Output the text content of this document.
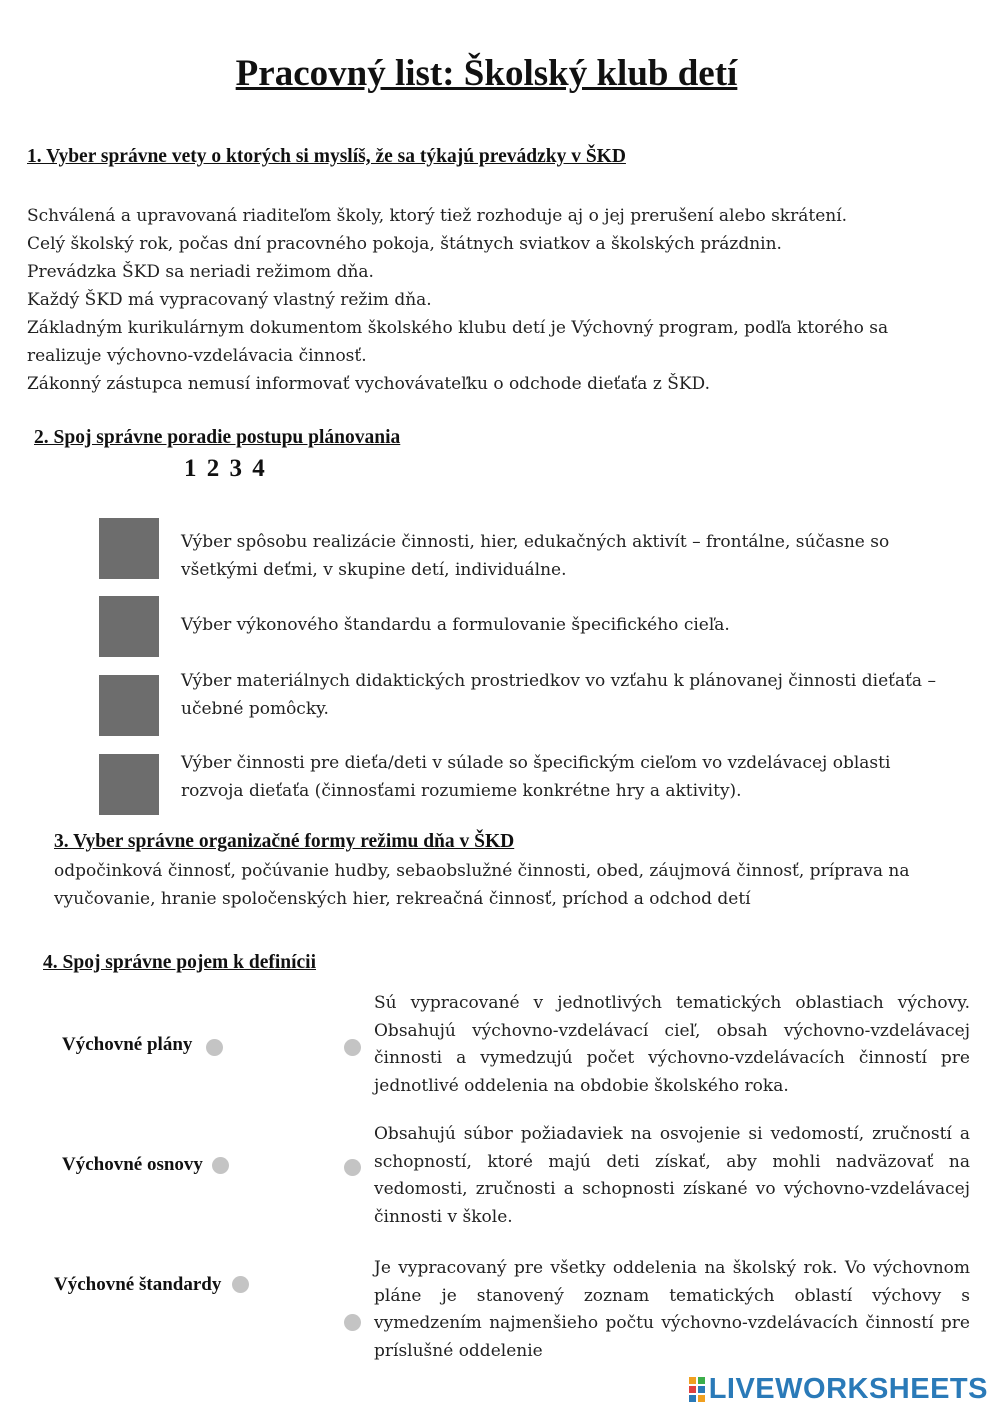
Pracovný list: Školský klub detí
1. Vyber správne vety o ktorých si myslíš, že sa týkajú prevádzky v ŠKD
Schválená a upravovaná riaditeľom školy, ktorý tiež rozhoduje aj o jej prerušení alebo skrátení.
Celý školský rok, počas dní pracovného pokoja, štátnych sviatkov a školských prázdnin.
Prevádzka ŠKD sa neriadi režimom dňa.
Každý ŠKD má vypracovaný vlastný režim dňa.
Základným kurikulárnym dokumentom školského klubu detí je Výchovný program, podľa ktorého sa
realizuje výchovno-vzdelávacia činnosť.
Zákonný zástupca nemusí informovať vychovávateľku o odchode dieťaťa z ŠKD.
2. Spoj správne poradie postupu plánovania
1 2 3 4
Výber spôsobu realizácie činnosti, hier, edukačných aktivít – frontálne, súčasne so všetkými deťmi, v skupine detí, individuálne.
Výber výkonového štandardu a formulovanie špecifického cieľa.
Výber materiálnych didaktických prostriedkov vo vzťahu k plánovanej činnosti dieťaťa – učebné pomôcky.
Výber činnosti pre dieťa/deti v súlade so špecifickým cieľom vo vzdelávacej oblasti rozvoja dieťaťa (činnosťami rozumieme konkrétne hry a aktivity).
3. Vyber správne organizačné formy režimu dňa v ŠKD
odpočinková činnosť, počúvanie hudby, sebaobslužné činnosti, obed, záujmová činnosť, príprava na
vyučovanie, hranie spoločenských hier, rekreačná činnosť, príchod a odchod detí
4. Spoj správne pojem k definícii
Výchovné plány
Výchovné osnovy
Výchovné štandardy
Sú vypracované v jednotlivých tematických oblastiach výchovy. Obsahujú výchovno-vzdelávací cieľ, obsah výchovno-vzdelávacej činnosti a vymedzujú počet výchovno-vzdelávacích činností pre jednotlivé oddelenia na obdobie školského roka.
Obsahujú súbor požiadaviek na osvojenie si vedomostí, zručností a schopností, ktoré majú deti získať, aby mohli nadväzovať na vedomosti, zručnosti a schopnosti získané vo výchovno-vzdelávacej činnosti v škole.
Je vypracovaný pre všetky oddelenia na školský rok. Vo výchovnom pláne je stanovený zoznam tematických oblastí výchovy s vymedzením najmenšieho počtu výchovno-vzdelávacích činností pre príslušné oddelenie
LIVEWORKSHEETS
